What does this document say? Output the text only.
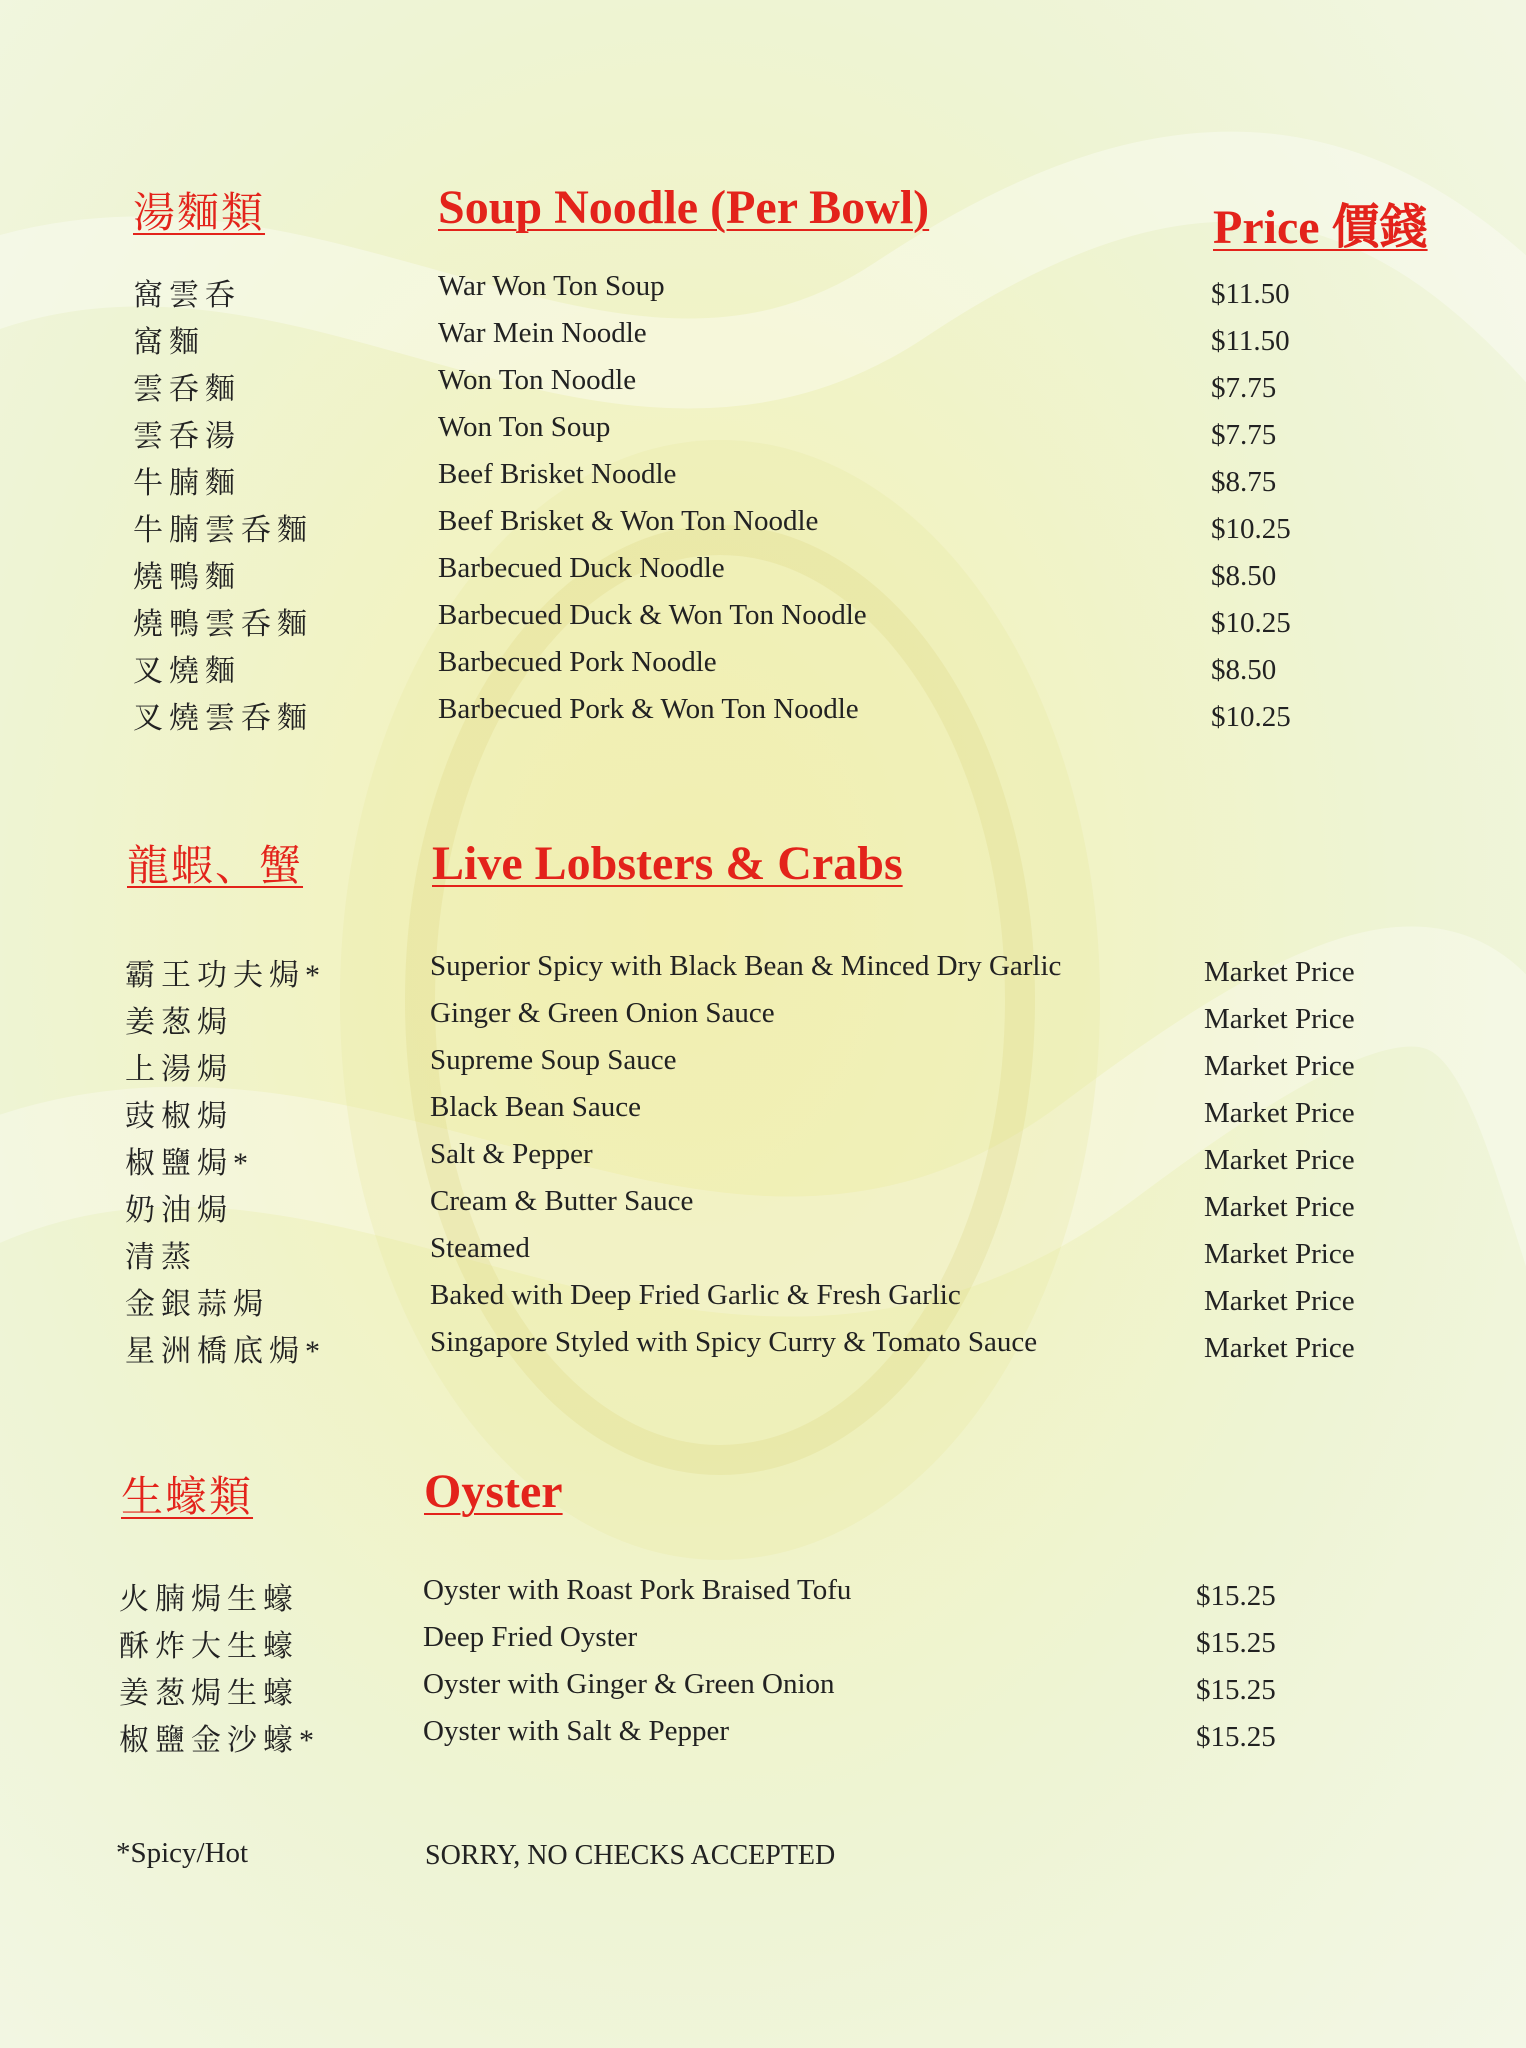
湯麵類	Soup Noodle (Per Bowl)	Price 價錢
窩雲呑	War Won Ton Soup	$11.50
窩麵	War Mein Noodle	$11.50
雲呑麵	Won Ton Noodle	$7.75
雲呑湯	Won Ton Soup	$7.75
牛腩麵	Beef Brisket Noodle	$8.75
牛腩雲呑麵	Beef Brisket & Won Ton Noodle	$10.25
燒鴨麵	Barbecued Duck Noodle	$8.50
燒鴨雲呑麵	Barbecued Duck & Won Ton Noodle	$10.25
叉燒麵	Barbecued Pork Noodle	$8.50
叉燒雲呑麵	Barbecued Pork & Won Ton Noodle	$10.25
龍蝦、蟹	Live Lobsters & Crabs
霸王功夫焗*	Superior Spicy with Black Bean & Minced Dry Garlic	Market Price
姜葱焗	Ginger & Green Onion Sauce	Market Price
上湯焗	Supreme Soup Sauce	Market Price
豉椒焗	Black Bean Sauce	Market Price
椒鹽焗*	Salt & Pepper	Market Price
奶油焗	Cream & Butter Sauce	Market Price
清蒸	Steamed	Market Price
金銀蒜焗	Baked with Deep Fried Garlic & Fresh Garlic	Market Price
星洲橋底焗*	Singapore Styled with Spicy Curry & Tomato Sauce	Market Price
生蠔類	Oyster
火腩焗生蠔	Oyster with Roast Pork Braised Tofu	$15.25
酥炸大生蠔	Deep Fried Oyster	$15.25
姜葱焗生蠔	Oyster with Ginger & Green Onion	$15.25
椒鹽金沙蠔*	Oyster with Salt & Pepper	$15.25
*Spicy/Hot	SORRY, NO CHECKS ACCEPTED
